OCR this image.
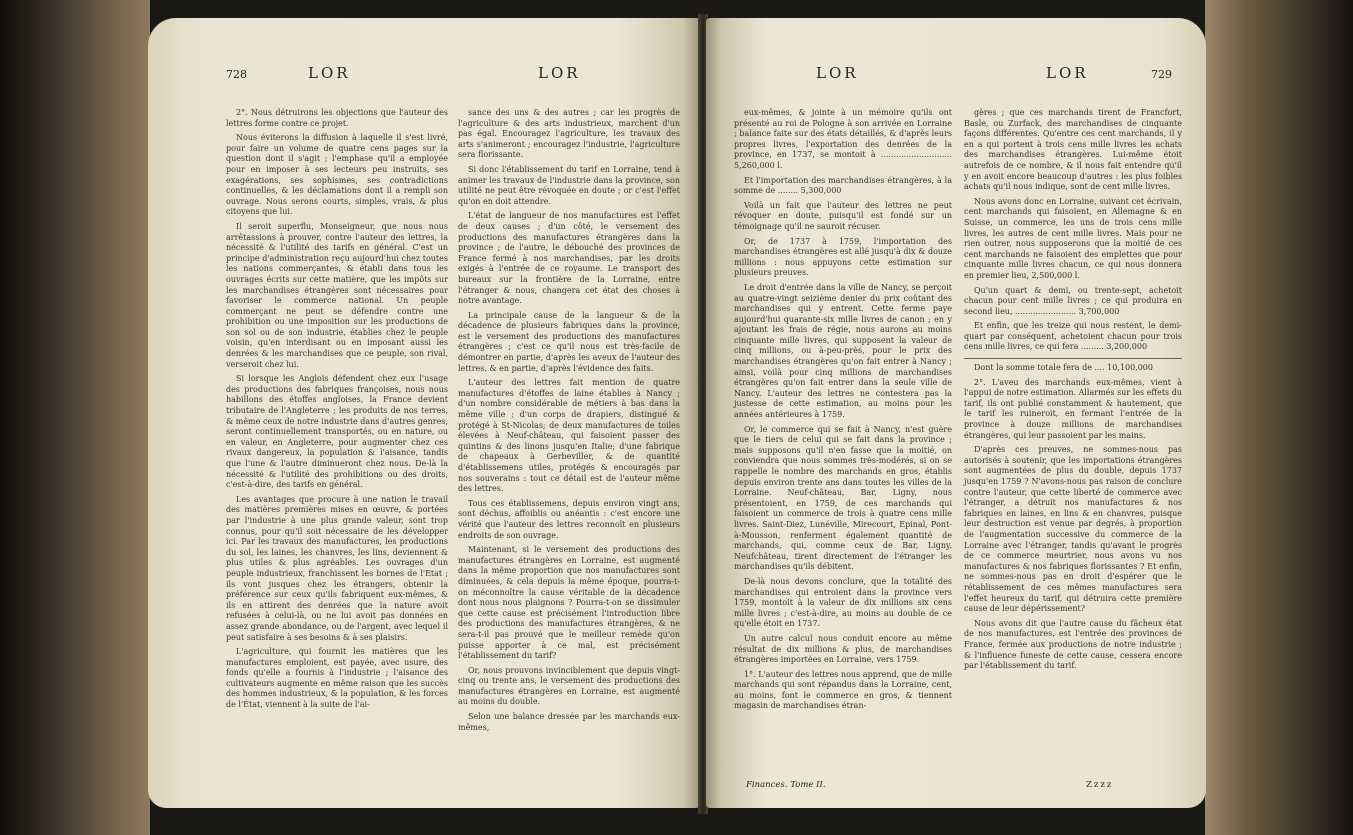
728	LOR	LOR

2°. Nous détruirons les objections que l'auteur des lettres forme contre ce projet.

Nous éviterons la diffusion à laquelle il s'est livré, pour faire un volume de quatre cens pages sur la question dont il s'agit ; l'emphase qu'il a employée pour en imposer à ses lecteurs peu instruits, ses exagérations, ses sophismes, ses contradictions continuelles, & les déclamations dont il a rempli son ouvrage. Nous serons courts, simples, vrais, & plus citoyens que lui.

Il seroit superflu, Monseigneur, que nous nous arrêtassions à prouver, contre l'auteur des lettres, la nécessité & l'utilité des tarifs en général. C'est un principe d'administration reçu aujourd'hui chez toutes les nations commerçantes, & établi dans tous les ouvrages écrits sur cette matière, que les impôts sur les marchandises étrangères sont nécessaires pour favoriser le commerce national. Un peuple commerçant ne peut se défendre contre une prohibition ou une imposition sur les productions de son sol ou de son industrie, établies chez le peuple voisin, qu'en interdisant ou en imposant aussi les denrées & les marchandises que ce peuple, son rival, verseroit chez lui.

Si lorsque les Anglois défendent chez eux l'usage des productions des fabriques françoises, nous nous habillons des étoffes angloises, la France devient tributaire de l'Angleterre ; les produits de nos terres, & même ceux de notre industrie dans d'autres genres, seront continuellement transportés, ou en nature, ou en valeur, en Angleterre, pour augmenter chez ces rivaux dangereux, la population & l'aisance, tandis que l'une & l'autre diminueront chez nous. De-là la nécessité & l'utilité des prohibitions ou des droits, c'est-à-dire, des tarifs en général.

Les avantages que procure à une nation le travail des matières premières mises en œuvre, & portées par l'industrie à une plus grande valeur, sont trop connus, pour qu'il soit nécessaire de les développer ici. Par les travaux des manufactures, les productions du sol, les laines, les chanvres, les lins, deviennent & plus utiles & plus agréables. Les ouvrages d'un peuple industrieux, franchissent les bornes de l'Etat ; ils vont jusques chez les étrangers, obtenir la préférence sur ceux qu'ils fabriquent eux-mêmes, & ils en attirent des denrées que la nature avoit refusées à celui-là, ou ne lui avoit pas données en assez grande abondance, ou de l'argent, avec lequel il peut satisfaire à ses besoins & à ses plaisirs.

L'agriculture, qui fournit les matières que les manufactures emploient, est payée, avec usure, des fonds qu'elle a fournis à l'industrie ; l'aisance des cultivateurs augmente en même raison que les succès des hommes industrieux, & la population, & les forces de l'État, viennent à la suite de l'ai-

sance des uns & des autres ; car les progrès de l'agriculture & des arts industrieux, marchent d'un pas égal. Encouragez l'agriculture, les travaux des arts s'animeront ; encouragez l'industrie, l'agriculture sera florissante.

Si donc l'établissement du tarif en Lorraine, tend à animer les travaux de l'industrie dans la province, son utilité ne peut être révoquée en doute ; or c'est l'effet qu'on en doit attendre.

L'état de langueur de nos manufactures est l'effet de deux causes ; d'un côté, le versement des productions des manufactures étrangères dans la province ; de l'autre, le débouché des provinces de France fermé à nos marchandises, par les droits exigés à l'entrée de ce royaume. Le transport des bureaux sur la frontière de la Lorraine, entre l'étranger & nous, changera cet état des choses à notre avantage.

La principale cause de la langueur & de la décadence de plusieurs fabriques dans la province, est le versement des productions des manufactures étrangères ; c'est ce qu'il nous est très-facile de démontrer en partie, d'après les aveux de l'auteur des lettres, & en partie, d'après l'évidence des faits.

L'auteur des lettres fait mention de quatre manufactures d'étoffes de laine établies à Nancy ; d'un nombre considérable de métiers à bas dans la même ville ; d'un corps de drapiers, distingué & protégé à St-Nicolas; de deux manufactures de toiles élevées à Neuf-château, qui faisoient passer des quintins & des linons jusqu'en Italie; d'une fabrique de chapeaux à Gerbeviller, & de quantité d'établissemens utiles, protégés & encouragés par nos souverains : tout ce détail est de l'auteur même des lettres.

Tous ces établissemens, depuis environ vingt ans, sont déchus, affoiblis ou anéantis : c'est encore une vérité que l'auteur des lettres reconnoît en plusieurs endroits de son ouvrage.

Maintenant, si le versement des productions des manufactures étrangères en Lorraine, est augmenté dans la même proportion que nos manufactures sont diminuées, & cela depuis la même époque, pourra-t-on méconnoître la cause véritable de la décadence dont nous nous plaignons ? Pourra-t-on se dissimuler que cette cause est précisément l'introduction libre des productions des manufactures étrangères, & ne sera-t-il pas prouvé que le meilleur remède qu'on puisse apporter à ce mal, est précisément l'établissement du tarif?

Or, nous prouvons invinciblement que depuis vingt-cinq ou trente ans, le versement des productions des manufactures étrangères en Lorraine, est augmenté au moins du double.

Selon une balance dressée par les marchands eux-mêmes,

LOR	LOR	729

eux-mêmes, & jointe à un mémoire qu'ils ont présenté au roi de Pologne à son arrivée en Lorraine ; balance faite sur des états détaillés, & d'après leurs propres livres, l'exportation des denrées de la province, en 1737, se montoit à ............................ 5,260,000 l.

Et l'importation des marchandises étrangères, à la somme de ........ 5,300,000

Voilà un fait que l'auteur des lettres ne peut révoquer en doute, puisqu'il est fondé sur un témoignage qu'il ne sauroit récuser.

Or, de 1737 à 1759, l'importation des marchandises étrangères est allé jusqu'à dix & douze millions : nous appuyons cette estimation sur plusieurs preuves.

Le droit d'entrée dans la ville de Nancy, se perçoit au quatre-vingt seizième denier du prix coûtant des marchandises qui y entrent. Cette ferme paye aujourd'hui quarante-six mille livres de canon ; en y ajoutant les frais de régie, nous aurons au moins cinquante mille livres, qui supposent la valeur de cinq millions, ou à-peu-près, pour le prix des marchandises étrangères qu'on fait entrer à Nancy ; ainsi, voilà pour cinq millions de marchandises étrangères qu'on fait entrer dans la seule ville de Nancy. L'auteur des lettres ne contestera pas la justesse de cette estimation, au moins pour les années antérieures à 1759.

Or, le commerce qui se fait à Nancy, n'est guère que le tiers de celui qui se fait dans la province ; mais supposons qu'il n'en fasse que la moitié, on conviendra que nous sommes très-modérés, si on se rappelle le nombre des marchands en gros, établis depuis environ trente ans dans toutes les villes de la Lorraine. Neuf-château, Bar, Ligny, nous présentoient, en 1759, de ces marchands qui faisoient un commerce de trois à quatre cens mille livres. Saint-Diez, Lunéville, Mirecourt, Epinal, Pont-à-Mousson, renferment également quantité de marchands, qui, comme ceux de Bar, Ligny, Neufchâteau, tirent directement de l'étranger les marchandises qu'ils débitent.

De-là nous devons conclure, que la totalité des marchandises qui entroient dans la province vers 1759, montoit à la valeur de dix millions six cens mille livres ; c'est-à-dire, au moins au double de ce qu'elle étoit en 1737.

Un autre calcul nous conduit encore au même résultat de dix millions & plus, de marchandises étrangères importées en Lorraine, vers 1759.

1°. L'auteur des lettres nous apprend, que de mille marchands qui sont répandus dans la Lorraine, cent, au moins, font le commerce en gros, & tiennent magasin de marchandises étran-

gères ; que ces marchands tirent de Francfort, Basle, ou Zurfack, des marchandises de cinquante façons différentes. Qu'entre ces cent marchands, il y en a qui portent à trois cens mille livres les achats des marchandises étrangères. Lui-même étoit autrefois de ce nombre, & il nous fait entendre qu'il y en avoit encore beaucoup d'autres : les plus foibles achats qu'il nous indique, sont de cent mille livres.

Nous avons donc en Lorraine, suivant cet écrivain, cent marchands qui faisoient, en Allemagne & en Suisse, un commerce, les uns de trois cens mille livres, les autres de cent mille livres. Mais pour ne rien outrer, nous supposerons que la moitié de ces cent marchands ne faisoient des emplettes que pour cinquante mille livres chacun, ce qui nous donnera en premier lieu, 2,500,000 l.

Qu'un quart & demi, ou trente-sept, achetoit chacun pour cent mille livres ; ce qui produira en second lieu, ........................ 3,700,000

Et enfin, que les treize qui nous restent, le demi-quart par conséquent, achetoient chacun pour trois cens mille livres, ce qui fera ......... 3,200,000

Dont la somme totale fera de .... 10,100,000

2°. L'aveu des marchands eux-mêmes, vient à l'appui de notre estimation. Allarmés sur les effets du tarif, ils ont publié constamment & hautement, que le tarif les ruineroit, en fermant l'entrée de la province à douze millions de marchandises étrangères, qui leur passoient par les mains.

D'après ces preuves, ne sommes-nous pas autorisés à soutenir, que les importations étrangères sont augmentées de plus du double, depuis 1737 jusqu'en 1759 ? N'avons-nous pas raison de conclure contre l'auteur, que cette liberté de commerce avec l'étranger, a détruit nos manufactures & nos fabriques en laines, en lins & en chanvres, puisque leur destruction est venue par degrés, à proportion de l'augmentation successive du commerce de la Lorraine avec l'étranger, tandis qu'avant le progrès de ce commerce meurtrier, nous avons vu nos manufactures & nos fabriques florissantes ? Et enfin, ne sommes-nous pas en droit d'espérer que le rétablissement de ces mêmes manufactures sera l'effet heureux du tarif, qui détruira cette première cause de leur dépérissement?

Nous avons dit que l'autre cause du fâcheux état de nos manufactures, est l'entrée des provinces de France, fermée aux productions de notre industrie ; & l'influence funeste de cette cause, cessera encore par l'établissement du tarif.

Finances. Tome II.	Zzzz
